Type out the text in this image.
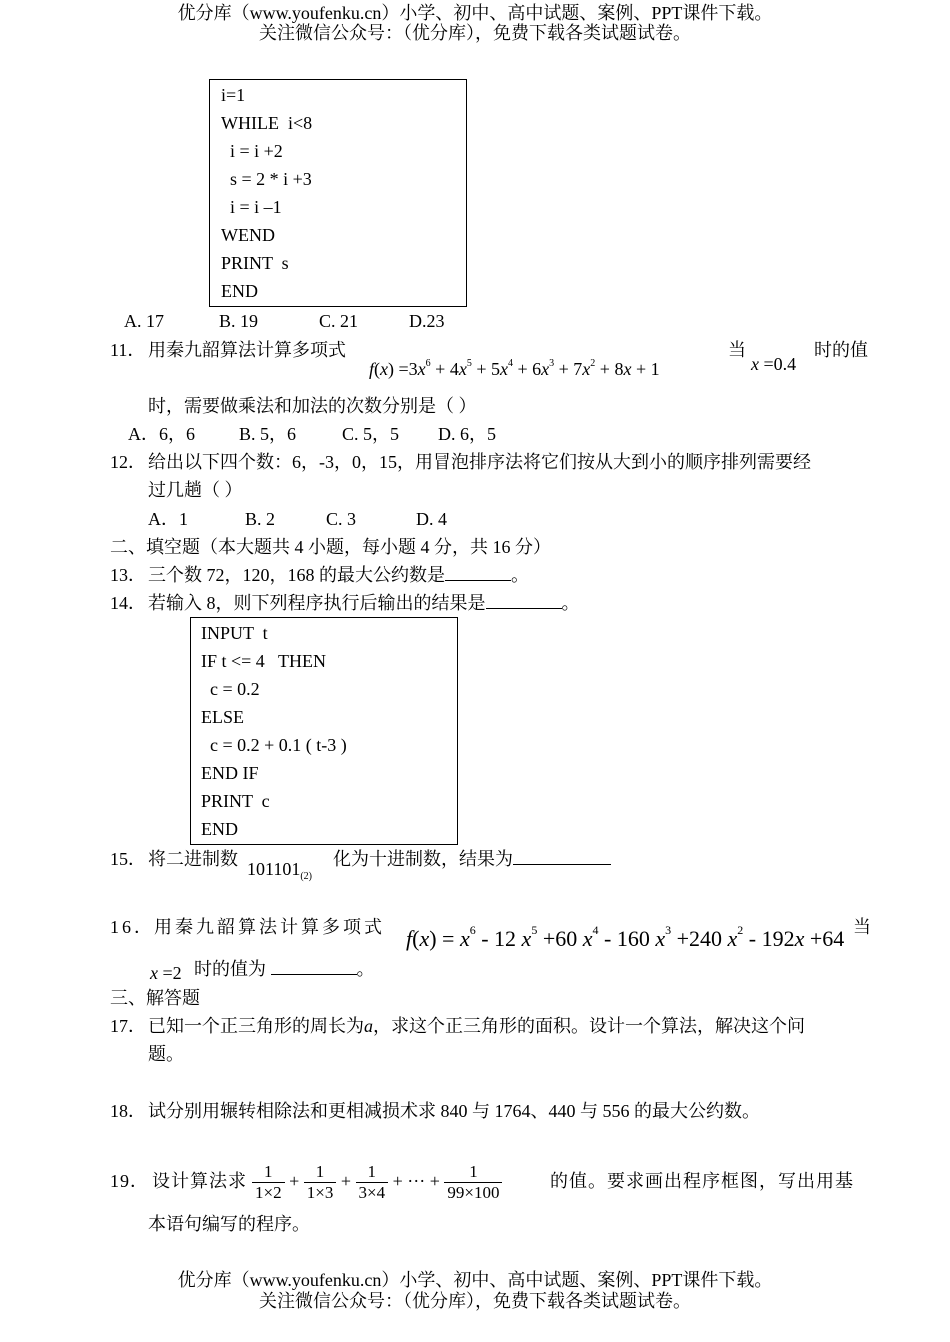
优分库（www.youfenku.cn）小学、初中、高中试题、案例、PPT课件下载。
关注微信公众号：（优分库），免费下载各类试题试卷。
i=1
WHILE  i<8
i = i +2
s = 2 * i +3
i = i –1
WEND
PRINT  s
END
A. 17	B. 19	C. 21	D.23
11． 用秦九韶算法计算多项式
$f(x) =3x^6 + 4x^5 + 5x^4 + 6x^3 + 7x^2 + 8x + 1$
当
x =0.4
时的值
时，需要做乘法和加法的次数分别是（ ）
A．6，6 B. 5，6	C. 5，5 D. 6，5
12． 给出以下四个数：6，-3，0，15，用冒泡排序法将它们按从大到小的顺序排列需要经
过几趟（ ）
A．1	B. 2	C. 3	D. 4
二、填空题（本大题共 4 小题，每小题 4 分，共 16 分）
13． 三个数 72，120，168 的最大公约数是	。
14． 若输入 8，则下列程序执行后输出的结果是	。
INPUT  t
IF t <= 4   THEN
c = 0.2
ELSE
c = 0.2 + 0.1 ( t-3 )
END IF
PRINT  c
END
15． 将二进制数 $101101_{(2)}$
化为十进制数，结果为
16． 用秦九韶算法计算多项式 $f(x) = x^6 - 12$ $x^5 +60$ $x^4 - 160$ $x^3 +240$ $x^2 - 192x +64$ 当
x =2 时的值为	。
三、解答题
17． 已知一个正三角形的周长为a，求这个正三角形的面积。设计一个算法，解决这个问
题。
18． 试分别用辗转相除法和更相减损术求 840 与 1764、440 与 556 的最大公约数。
19． 设计算法求 $\frac{1}{1\times 2} + \frac{1}{1\times 3} + \frac{1}{3\times 4}$ + ··· + $\frac{1}{99\times 100}$	的值。要求画出程序框图，写出用基
本语句编写的程序。
优分库（www.youfenku.cn）小学、初中、高中试题、案例、PPT课件下载。
关注微信公众号：（优分库），免费下载各类试题试卷。
